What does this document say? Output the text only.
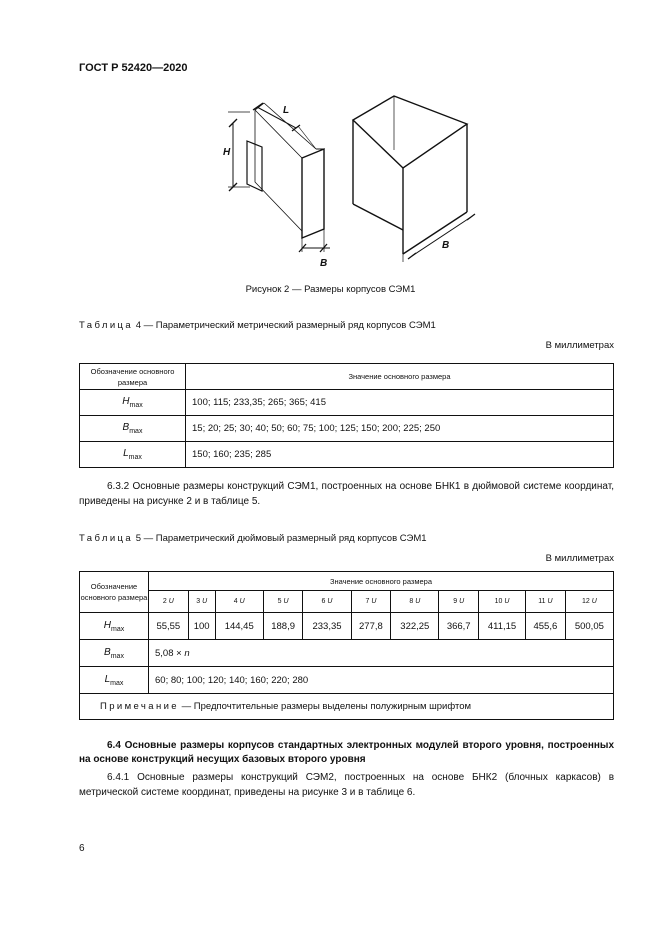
ГОСТ Р 52420—2020
L
H
B
B
Рисунок 2 — Размеры корпусов СЭМ1
Таблица 4 — Параметрический метрический размерный ряд корпусов СЭМ1
В миллиметрах
Обозначение основного размера	Значение основного размера
$H_{max}$	100; 115; 233,35; 265; 365; 415
$B_{max}$	15; 20; 25; 30; 40; 50; 60; 75; 100; 125; 150; 200; 225; 250
$L_{max}$	150; 160; 235; 285
6.3.2 Основные размеры конструкций СЭМ1, построенных на основе БНК1 в дюймовой системе координат, приведены на рисунке 2 и в таблице 5.
Таблица 5 — Параметрический дюймовый размерный ряд корпусов СЭМ1
В миллиметрах
Обозначение основного размера	Значение основного размера										
	2 U	3 U	4 U	5 U	6 U	7 U	8 U	9 U	10 U	11 U	12 U
$H_{max}$	55,55	100	144,45	188,9	233,35	277,8	322,25	366,7	411,15	455,6	500,05
$B_{max}$	5,08 × n										
$L_{max}$	60; 80; 100; 120; 140; 160; 220; 280										
Примечание — Предпочтительные размеры выделены полужирным шрифтом											
6.4 Основные размеры корпусов стандартных электронных модулей второго уровня, построенных на основе конструкций несущих базовых второго уровня
6.4.1 Основные размеры конструкций СЭМ2, построенных на основе БНК2 (блочных каркасов) в метрической системе координат, приведены на рисунке 3 и в таблице 6.
6
